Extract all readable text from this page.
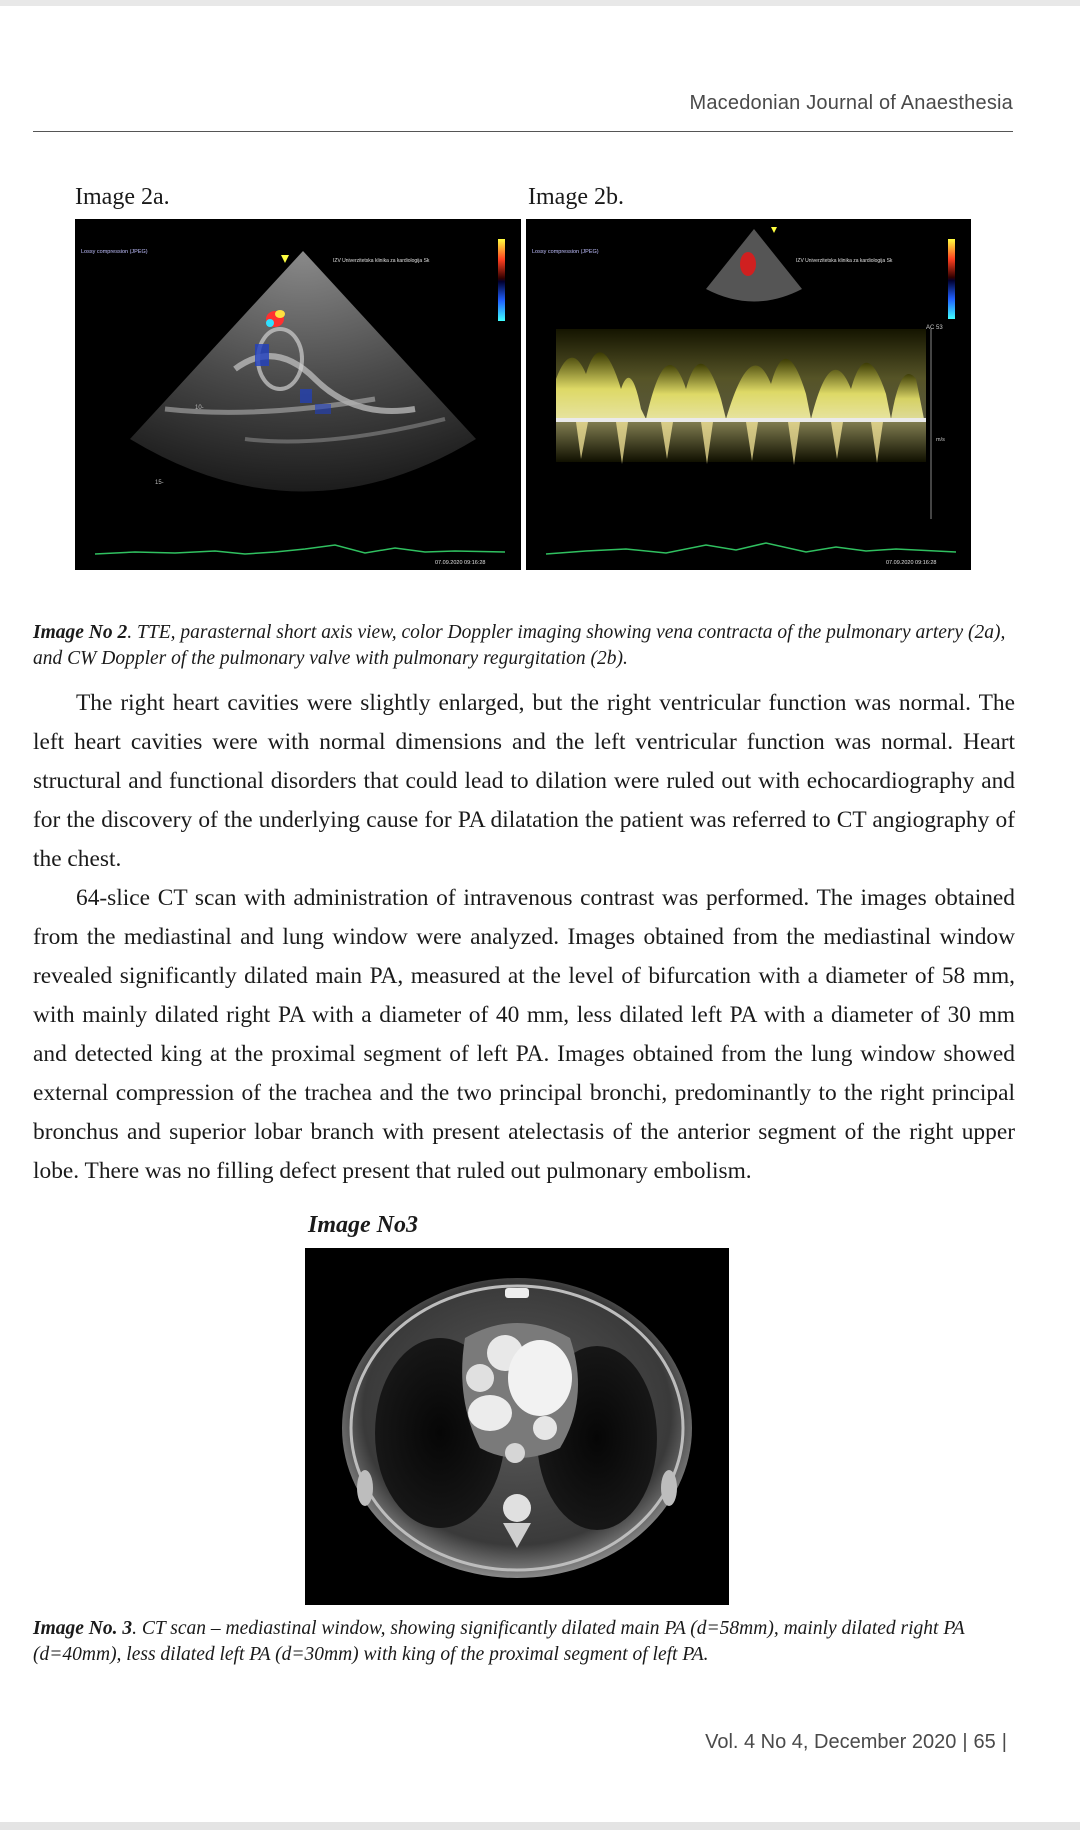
Macedonian Journal of Anaesthesia
Image 2a.	Image 2b.
Lossy compression (JPEG)
IZV Univerzitetska klinika za kardiologija Sk
10-
15-
07.09.2020 09:16:28
AC 53
m/s
Lossy compression (JPEG)
IZV Univerzitetska klinika za kardiologija Sk
07.09.2020 09:16:28
Image No 2. TTE, parasternal short axis view, color Doppler imaging showing vena contracta of the pulmonary artery (2a), and CW Doppler of the pulmonary valve with pulmonary regurgitation (2b).

The right heart cavities were slightly enlarged, but the right ventricular function was normal. The left heart cavities were with normal dimensions and the left ventricular function was normal. Heart structural and functional disorders that could lead to dilation were ruled out with echocardiography and for the discovery of the underlying cause for PA dilatation the patient was referred to CT angiography of the chest.

64-slice CT scan with administration of intravenous contrast was performed. The images obtained from the mediastinal and lung window were analyzed. Images obtained from the mediastinal window revealed significantly dilated main PA, measured at the level of bifurcation with a diameter of 58 mm, with mainly dilated right PA with a diameter of 40 mm, less dilated left PA with a diameter of 30 mm and detected king at the proximal segment of left PA. Images obtained from the lung window showed external compression of the trachea and the two principal bronchi, predominantly to the right principal bronchus and superior lobar branch with present atelectasis of the anterior segment of the right upper lobe. There was no filling defect present that ruled out pulmonary embolism.

Image No3
Image No. 3. CT scan – mediastinal window, showing significantly dilated main PA (d=58mm), mainly dilated right PA (d=40mm), less dilated left PA (d=30mm) with king of the proximal segment of left PA.
Vol. 4 No 4, December 2020 | 65 |
